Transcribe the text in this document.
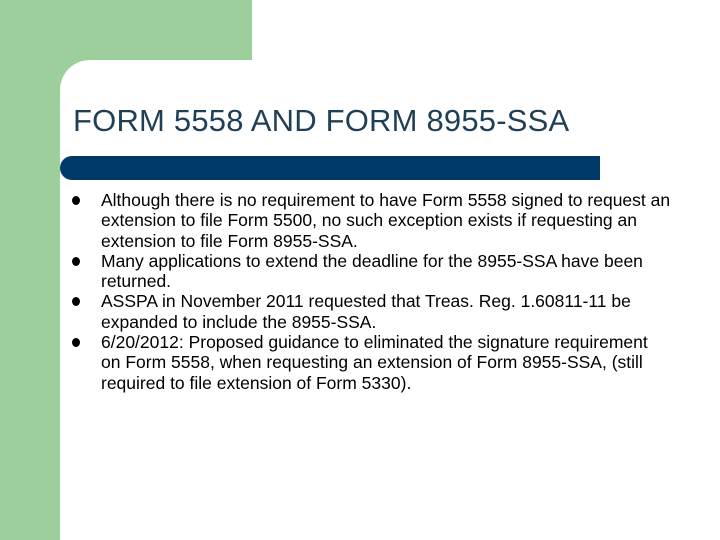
FORM 5558 AND FORM 8955-SSA
Although there is no requirement to have Form 5558 signed to request an extension to file Form 5500, no such exception exists if requesting an extension to file Form 8955-SSA.
Many applications to extend the deadline for the 8955-SSA have been returned.
ASSPA in November 2011 requested that Treas. Reg. 1.60811-11 be expanded to include the 8955-SSA.
6/20/2012: Proposed guidance to eliminated the signature requirement on Form 5558, when requesting an extension of Form 8955-SSA, (still required to file extension of Form 5330).
